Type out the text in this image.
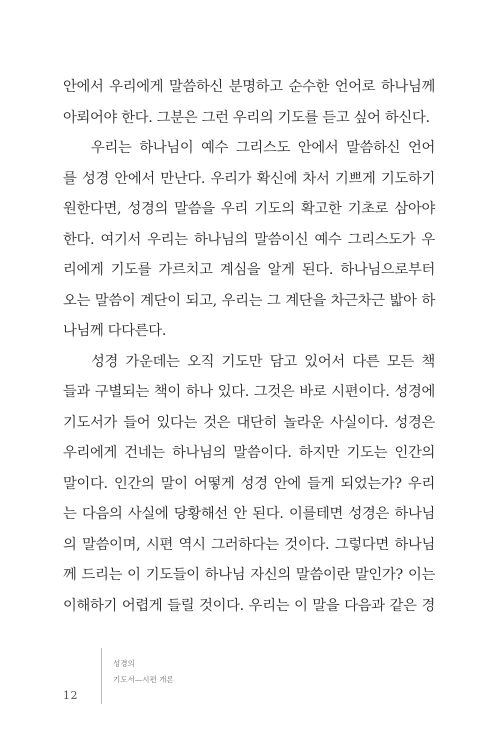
안에서 우리에게 말씀하신 분명하고 순수한 언어로 하나님께
아뢰어야 한다. 그분은 그런 우리의 기도를 듣고 싶어 하신다.

우리는 하나님이 예수 그리스도 안에서 말씀하신 언어
를 성경 안에서 만난다. 우리가 확신에 차서 기쁘게 기도하기
원한다면, 성경의 말씀을 우리 기도의 확고한 기초로 삼아야
한다. 여기서 우리는 하나님의 말씀이신 예수 그리스도가 우
리에게 기도를 가르치고 계심을 알게 된다. 하나님으로부터
오는 말씀이 계단이 되고, 우리는 그 계단을 차근차근 밟아 하
나님께 다다른다.

성경 가운데는 오직 기도만 담고 있어서 다른 모든 책
들과 구별되는 책이 하나 있다. 그것은 바로 시편이다. 성경에
기도서가 들어 있다는 것은 대단히 놀라운 사실이다. 성경은
우리에게 건네는 하나님의 말씀이다. 하지만 기도는 인간의
말이다. 인간의 말이 어떻게 성경 안에 들게 되었는가? 우리
는 다음의 사실에 당황해선 안 된다. 이를테면 성경은 하나님
의 말씀이며, 시편 역시 그러하다는 것이다. 그렇다면 하나님
께 드리는 이 기도들이 하나님 자신의 말씀이란 말인가? 이는
이해하기 어렵게 들릴 것이다. 우리는 이 말을 다음과 같은 경

성경의
기도서—시편 개론
12
